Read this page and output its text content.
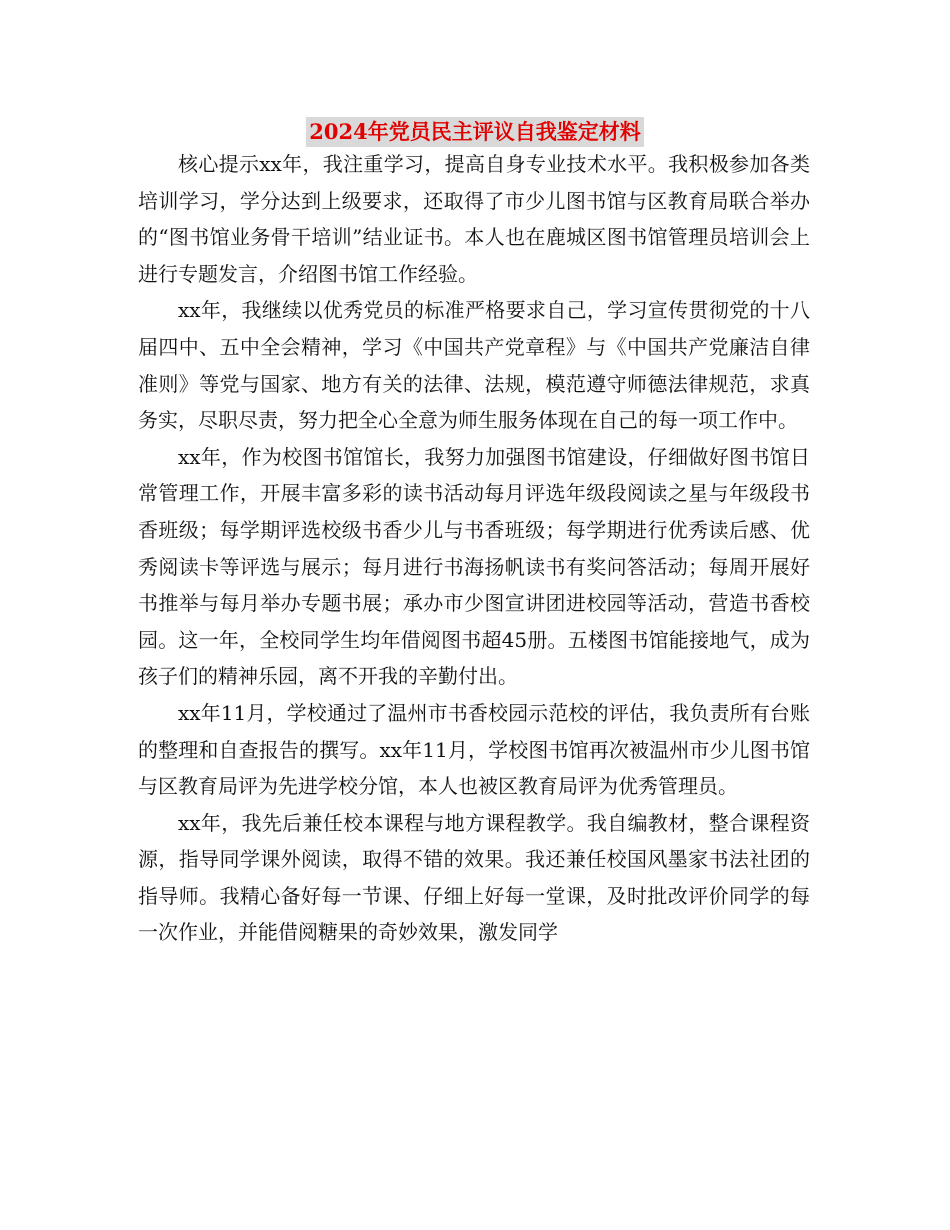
2024年党员民主评议自我鉴定材料

核心提示xx年，我注重学习，提高自身专业技术水平。我积极参加各类培训学习，学分达到上级要求，还取得了市少儿图书馆与区教育局联合举办的“图书馆业务骨干培训”结业证书。本人也在鹿城区图书馆管理员培训会上进行专题发言，介绍图书馆工作经验。

xx年，我继续以优秀党员的标准严格要求自己，学习宣传贯彻党的十八届四中、五中全会精神，学习《中国共产党章程》与《中国共产党廉洁自律准则》等党与国家、地方有关的法律、法规，模范遵守师德法律规范，求真务实，尽职尽责，努力把全心全意为师生服务体现在自己的每一项工作中。

xx年，作为校图书馆馆长，我努力加强图书馆建设，仔细做好图书馆日常管理工作，开展丰富多彩的读书活动每月评选年级段阅读之星与年级段书香班级；每学期评选校级书香少儿与书香班级；每学期进行优秀读后感、优秀阅读卡等评选与展示；每月进行书海扬帆读书有奖问答活动；每周开展好书推举与每月举办专题书展；承办市少图宣讲团进校园等活动，营造书香校园。这一年，全校同学生均年借阅图书超45册。五楼图书馆能接地气，成为孩子们的精神乐园，离不开我的辛勤付出。

xx年11月，学校通过了温州市书香校园示范校的评估，我负责所有台账的整理和自查报告的撰写。xx年11月，学校图书馆再次被温州市少儿图书馆与区教育局评为先进学校分馆，本人也被区教育局评为优秀管理员。

xx年，我先后兼任校本课程与地方课程教学。我自编教材，整合课程资源，指导同学课外阅读，取得不错的效果。我还兼任校国风墨家书法社团的指导师。我精心备好每一节课、仔细上好每一堂课，及时批改评价同学的每一次作业，并能借阅糖果的奇妙效果，激发同学
